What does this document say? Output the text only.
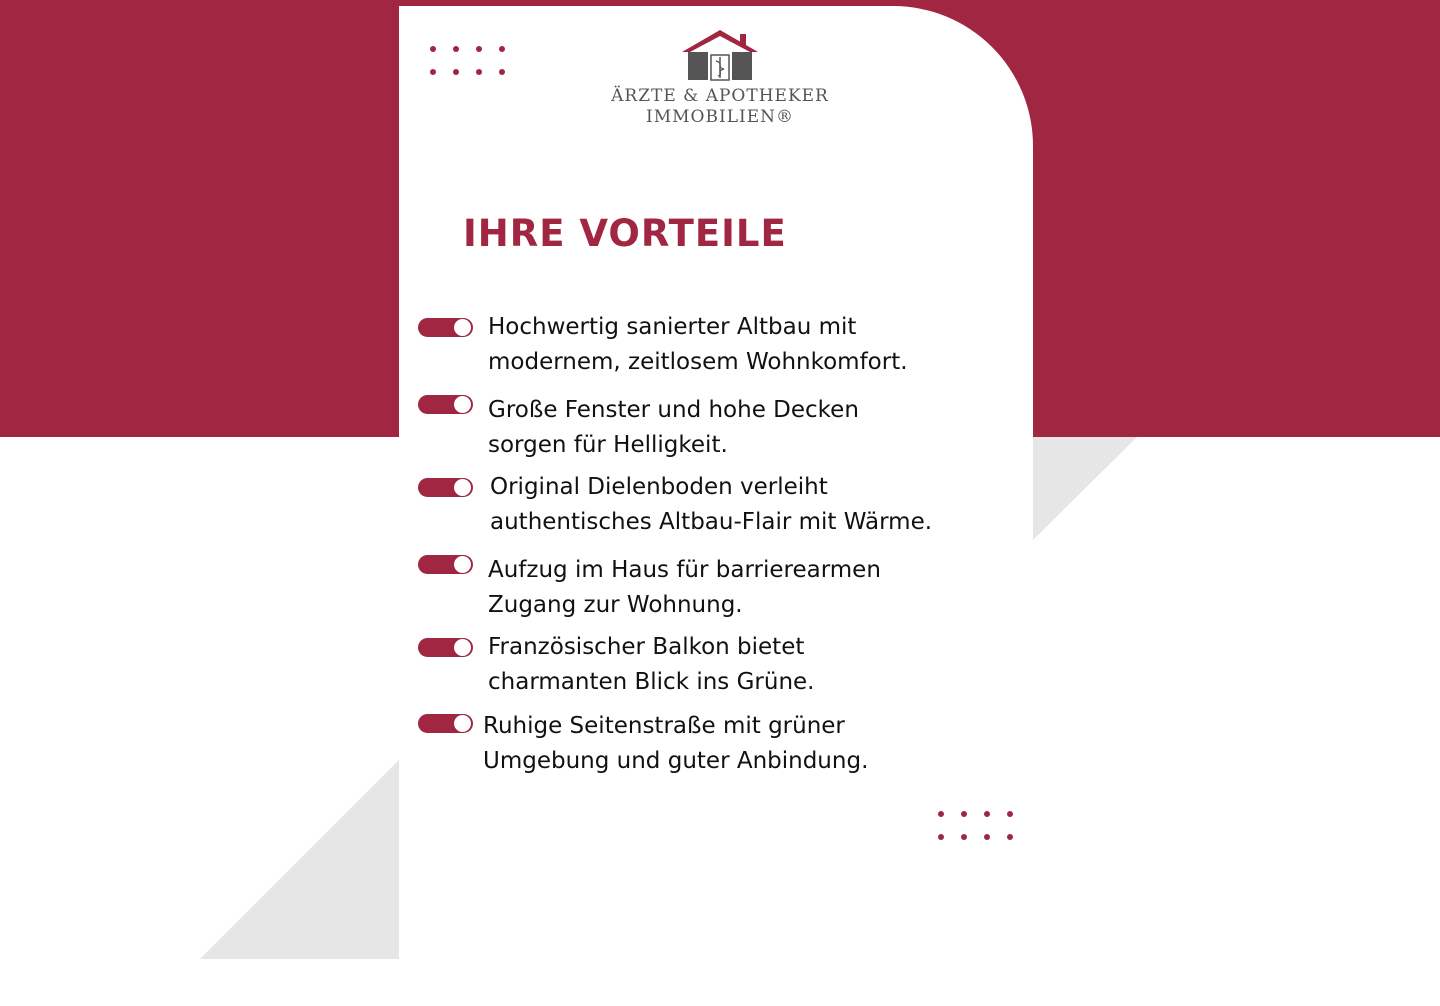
ÄRZTE & APOTHEKER
IMMOBILIEN®
IHRE VORTEILE
Hochwertig sanierter Altbau mit
modernem, zeitlosem Wohnkomfort.
Große Fenster und hohe Decken
sorgen für Helligkeit.
Original Dielenboden verleiht
authentisches Altbau-Flair mit Wärme.
Aufzug im Haus für barrierearmen
Zugang zur Wohnung.
Französischer Balkon bietet
charmanten Blick ins Grüne.
Ruhige Seitenstraße mit grüner
Umgebung und guter Anbindung.
